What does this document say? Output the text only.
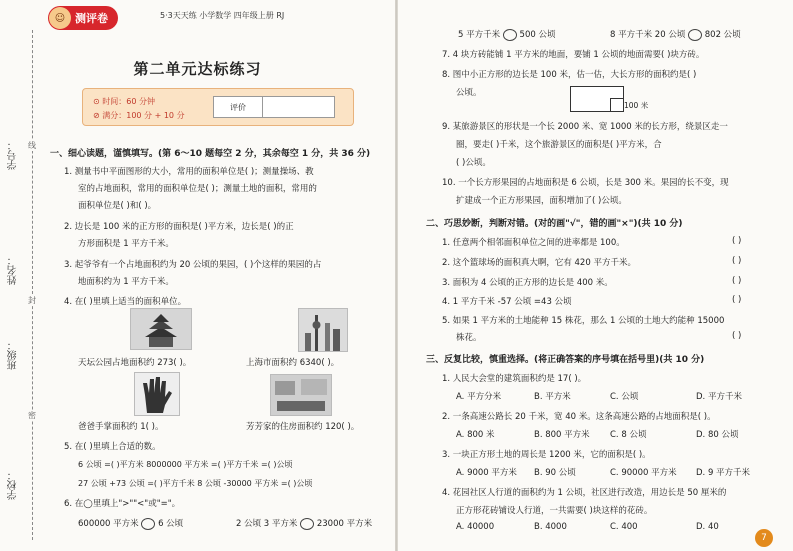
学号：
姓名：
班级：
学校：
线
封
密
☺ 测评卷	5·3天天练 小学数学 四年级上册 RJ
第二单元达标练习
⊙ 时间：60 分钟
⊘ 满分：100 分 + 10 分
评价
一、细心读题，谨慎填写。(第 6～10 题每空 2 分，其余每空 1 分，共 36 分)
1. 测量书中平面图形的大小，常用的面积单位是( )；测量操场、教
室的占地面积，常用的面积单位是( )；测量土地的面积，常用的
面积单位是( )和( )。
2. 边长是 100 米的正方形的面积是( )平方米，边长是( )的正
方形面积是 1 平方千米。
3. 起爷爷有一个占地面积约为 20 公顷的果园，( )个这样的果园的占
地面积约为 1 平方千米。
4. 在( )里填上适当的面积单位。
天坛公园占地面积约 273( )。	上海市面积约 6340( )。
爸爸手掌面积约 1( )。	芳芳家的住房面积约 120( )。
5. 在( )里填上合适的数。
6 公顷 =( )平方米 8000000 平方米 =( )平方千米 =( )公顷
27 公顷 +73 公顷 =( )平方千米 8 公顷 -30000 平方米 =( )公顷
6. 在◯里填上">""<"或"="。
600000 平方米 6 公顷	2 公顷 3 平方米 23000 平方米
5 平方千米 500 公顷	8 平方千米 20 公顷 802 公顷
7. 4 块方砖能铺 1 平方米的地面，要铺 1 公顷的地面需要( )块方砖。
8. 图中小正方形的边长是 100 米，估一估，大长方形的面积约是( )
公顷。
100 米
9. 某旅游景区的形状是一个长 2000 米、宽 1000 米的长方形，绕景区走一
圈，要走( )千米，这个旅游景区的面积是( )平方米，合
( )公顷。
10. 一个长方形果园的占地面积是 6 公顷，长是 300 米。果园的长不变，现
扩建成一个正方形果园，面积增加了( )公顷。
二、巧思妙断，判断对错。(对的画"√"，错的画"×")(共 10 分)
1. 任意两个相邻面积单位之间的进率都是 100。	( )
2. 这个篮球场的面积真大啊，它有 420 平方千米。	( )
3. 面积为 4 公顷的正方形的边长是 400 米。	( )
4. 1 平方千米 -57 公顷 =43 公顷	( )
5. 如果 1 平方米的土地能种 15 株花，那么 1 公顷的土地大约能种 15000
株花。	( )
三、反复比较，慎重选择。(将正确答案的序号填在括号里)(共 10 分)
1. 人民大会堂的建筑面积约是 17( )。
A. 平方分米	B. 平方米	C. 公顷	D. 平方千米
2. 一条高速公路长 20 千米，宽 40 米。这条高速公路的占地面积是( )。
A. 800 米	B. 800 平方米 C. 8 公顷	D. 80 公顷
3. 一块正方形土地的周长是 1200 米，它的面积是( )。
A. 9000 平方米 B. 90 公顷	C. 90000 平方米 D. 9 平方千米
4. 花园社区人行道的面积约为 1 公顷，社区进行改造，用边长是 50 厘米的
正方形花砖铺设人行道，一共需要( )块这样的花砖。
A. 40000	B. 4000	C. 400	D. 40
7
